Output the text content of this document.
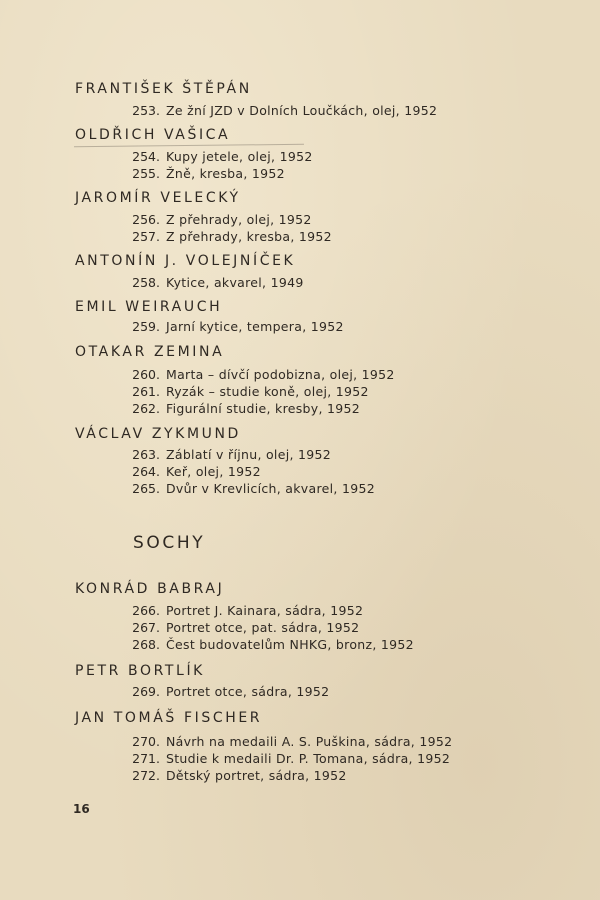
FRANTIŠEK ŠTĚPÁN
253. Ze žní JZD v Dolních Loučkách, olej, 1952
OLDŘICH VAŠICA
254. Kupy jetele, olej, 1952
255. Žně, kresba, 1952
JAROMÍR VELECKÝ
256. Z přehrady, olej, 1952
257. Z přehrady, kresba, 1952
ANTONÍN J. VOLEJNÍČEK
258. Kytice, akvarel, 1949
EMIL WEIRAUCH
259. Jarní kytice, tempera, 1952
OTAKAR ZEMINA
260. Marta – dívčí podobizna, olej, 1952
261. Ryzák – studie koně, olej, 1952
262. Figurální studie, kresby, 1952
VÁCLAV ZYKMUND
263. Záblatí v říjnu, olej, 1952
264. Keř, olej, 1952
265. Dvůr v Krevlicích, akvarel, 1952
SOCHY
KONRÁD BABRAJ
266. Portret J. Kainara, sádra, 1952
267. Portret otce, pat. sádra, 1952
268. Čest budovatelům NHKG, bronz, 1952
PETR BORTLÍK
269. Portret otce, sádra, 1952
JAN TOMÁŠ FISCHER
270. Návrh na medaili A. S. Puškina, sádra, 1952
271. Studie k medaili Dr. P. Tomana, sádra, 1952
272. Dětský portret, sádra, 1952
16
